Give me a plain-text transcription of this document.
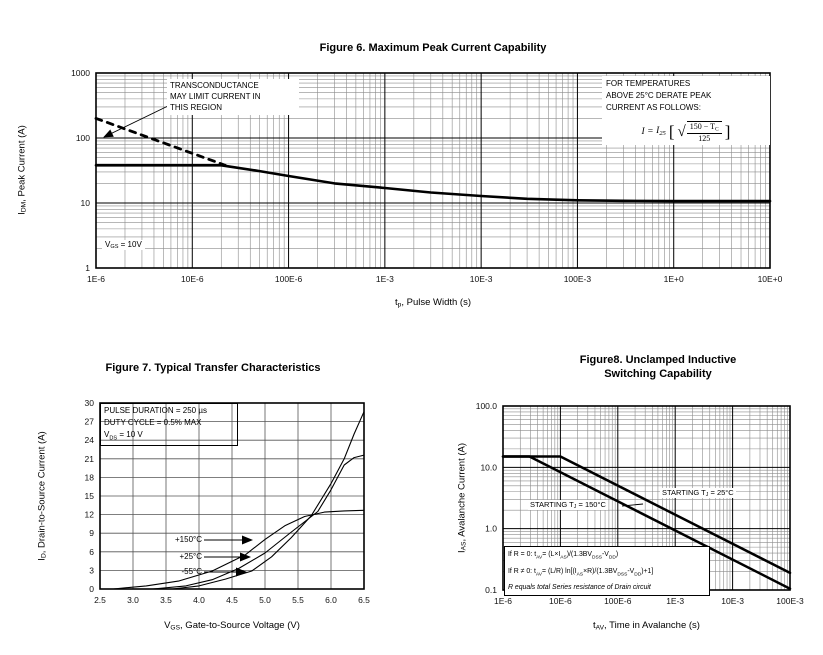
1E-6	10E-6	100E-6	1E-3	10E-3	100E-3	1E+0	10E+0
1000
100
10
1
2.5 3.0 3.5 4.0 4.5 5.0 5.5 6.0 6.5
30
27
24
21
18
15
12
9
6
3
0
1E-6	10E-6	100E-6	1E-3	10E-3	100E-3
100.0
10.0
1.0
0.1
Figure 6. Maximum Peak Current Capability
$I_{DM}$, Peak Current (A)
$t_p$, Pulse Width (s)
TRANSCONDUCTANCE
MAY LIMIT CURRENT IN
THIS REGION
$V_{GS} = 10V$
FOR TEMPERATURES
ABOVE 25°C DERATE PEAK
CURRENT AS FOLLOWS:
$I = I_{25}$ [ √ $\frac{150 - T_C}{125}$ ]
Figure 7. Typical Transfer Characteristics
$I_D$, Drain-to-Source Current (A)
$V_{GS}$, Gate-to-Source Voltage (V)
PULSE DURATION = 250 µs
DUTY CYCLE = 0.5% MAX
$V_{DS} = 10$ V
+150°C
+25°C
-55°C
Figure8. Unclamped Inductive
Switching Capability
$I_{AS}$, Avalanche Current (A)
$t_{AV}$, Time in Avalanche (s)
STARTING $T_J = 150^\circ C$
STARTING $T_J = 25^\circ C$
If R = 0: $t_{AV}= (L\times I_{AS})/(1.3BV_{DSS}-V_{DD})$
If R ≠ 0: $t_{AV}= (L/R)$ $\ln[(I_{AS}\times R)/(1.3BV_{DSS}-V_{DD})+1]$
R equals total Series resistance of Drain circuit
